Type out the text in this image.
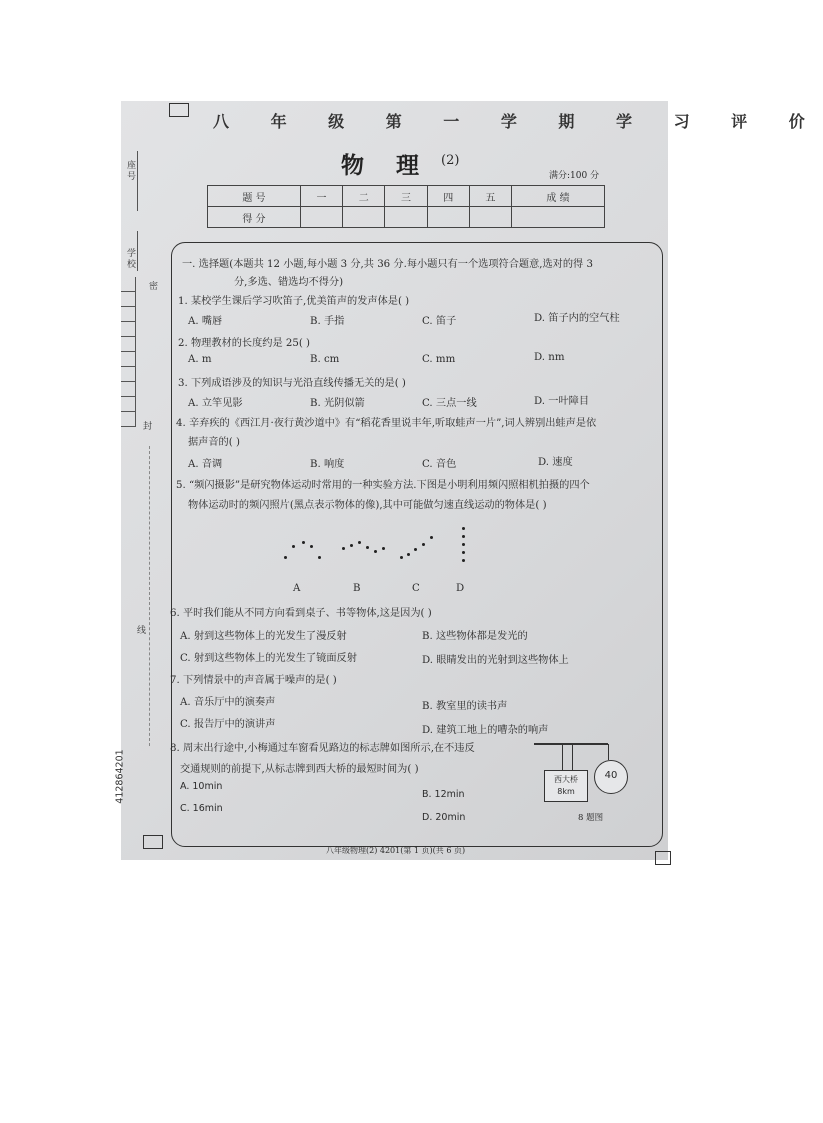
座号
学校
密
封
线
412864201
八 年 级 第 一 学 期 学 习 评 价
物 理 (2)
满分:100 分
题 号	一	二	三	四	五	成 绩
得 分						
一. 选择题(本题共 12 小题,每小题 3 分,共 36 分.每小题只有一个选项符合题意,选对的得 3
分,多选、错选均不得分)
1. 某校学生课后学习吹笛子,优美笛声的发声体是( )
A. 嘴唇	B. 手指	C. 笛子	D. 笛子内的空气柱
2. 物理教材的长度约是 25( )
A. m	B. cm	C. mm	D. nm
3. 下列成语涉及的知识与光沿直线传播无关的是( )
A. 立竿见影	B. 光阴似箭	C. 三点一线	D. 一叶障目
4. 辛弃疾的《西江月·夜行黄沙道中》有“稻花香里说丰年,听取蛙声一片”,词人辨别出蛙声是依
据声音的( )
A. 音调	B. 响度	C. 音色	D. 速度
5. “频闪摄影”是研究物体运动时常用的一种实验方法.下图是小明利用频闪照相机拍摄的四个
物体运动时的频闪照片(黑点表示物体的像),其中可能做匀速直线运动的物体是( )
A	B	C	D
6. 平时我们能从不同方向看到桌子、书等物体,这是因为( )
A. 射到这些物体上的光发生了漫反射	B. 这些物体都是发光的
C. 射到这些物体上的光发生了镜面反射	D. 眼睛发出的光射到这些物体上
7. 下列情景中的声音属于噪声的是( )
A. 音乐厅中的演奏声	B. 教室里的读书声
C. 报告厅中的演讲声
D. 建筑工地上的嘈杂的响声
8. 周末出行途中,小梅通过车窗看见路边的标志牌如图所示,在不违反
交通规则的前提下,从标志牌到西大桥的最短时间为( )
A. 10min
B. 12min
C. 16min
D. 20min
西大桥
8km
40
8 题图
八年级物理(2) 4201(第 1 页)(共 6 页)
